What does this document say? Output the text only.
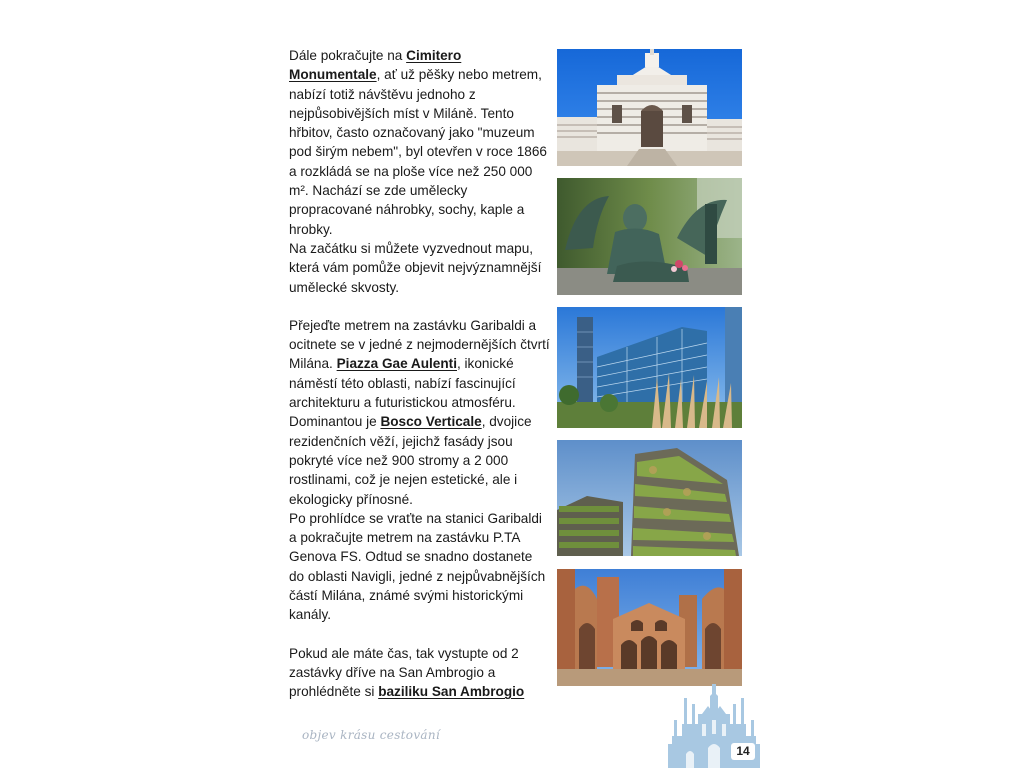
Dále pokračujte na Cimitero Monumentale, ať už pěšky nebo metrem, nabízí totiž návštěvu jednoho z nejpůsobivějších míst v Miláně. Tento hřbitov, často označovaný jako "muzeum pod širým nebem", byl otevřen v roce 1866 a rozkládá se na ploše více než 250 000 m². Nachází se zde umělecky propracované náhrobky, sochy, kaple a hrobky.

Na začátku si můžete vyzvednout mapu, která vám pomůže objevit nejvýznamnější umělecké skvosty.

Přejeďte metrem na zastávku Garibaldi a ocitnete se v jedné z nejmodernějších čtvrtí Milána. Piazza Gae Aulenti, ikonické náměstí této oblasti, nabízí fascinující architekturu a futuristickou atmosféru. Dominantou je Bosco Verticale, dvojice rezidenčních věží, jejichž fasády jsou pokryté více než 900 stromy a 2 000 rostlinami, což je nejen estetické, ale i ekologicky přínosné.

Po prohlídce se vraťte na stanici Garibaldi a pokračujte metrem na zastávku P.TA Genova FS. Odtud se snadno dostanete do oblasti Navigli, jedné z nejpůvabnějších částí Milána, známé svými historickými kanály.

Pokud ale máte čas, tak vystupte od 2 zastávky dříve na San Ambrogio a prohlédněte si baziliku San Ambrogio

objev krásu cestování
14
